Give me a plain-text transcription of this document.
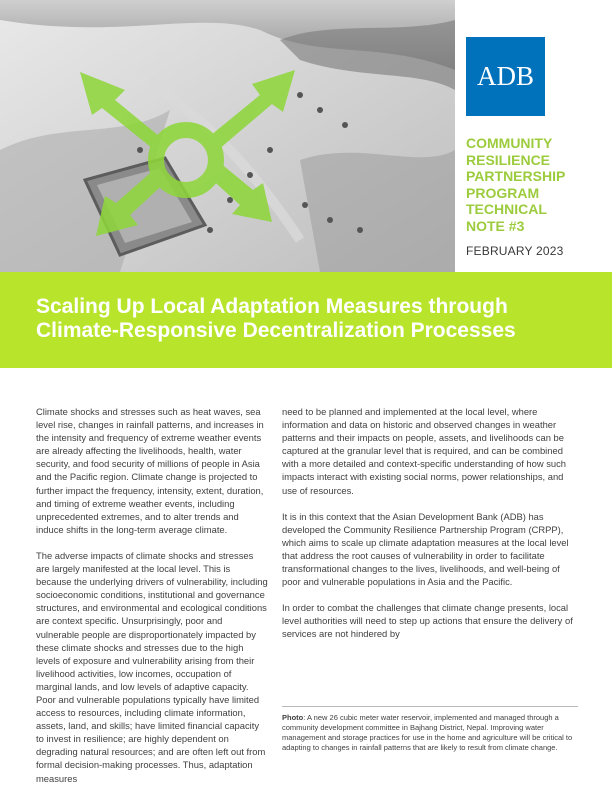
ADB
COMMUNITY
RESILIENCE
PARTNERSHIP
PROGRAM
TECHNICAL
NOTE #3
FEBRUARY 2023
Scaling Up Local Adaptation Measures through
Climate-Responsive Decentralization Processes

Climate shocks and stresses such as heat waves, sea level rise, changes in rainfall patterns, and increases in the intensity and frequency of extreme weather events are already affecting the livelihoods, health, water security, and food security of millions of people in Asia and the Pacific region. Climate change is projected to further impact the frequency, intensity, extent, duration, and timing of extreme weather events, including unprecedented extremes, and to alter trends and induce shifts in the long-term average climate.

The adverse impacts of climate shocks and stresses are largely manifested at the local level. This is because the underlying drivers of vulnerability, including socioeconomic conditions, institutional and governance structures, and environmental and ecological conditions are context specific. Unsurprisingly, poor and vulnerable people are disproportionately impacted by these climate shocks and stresses due to the high levels of exposure and vulnerability arising from their livelihood activities, low incomes, occupation of marginal lands, and low levels of adaptive capacity. Poor and vulnerable populations typically have limited access to resources, including climate information, assets, land, and skills; have limited financial capacity to invest in resilience; are highly dependent on degrading natural resources; and are often left out from formal decision-making processes. Thus, adaptation measures

need to be planned and implemented at the local level, where information and data on historic and observed changes in weather patterns and their impacts on people, assets, and livelihoods can be captured at the granular level that is required, and can be combined with a more detailed and context-specific understanding of how such impacts interact with existing social norms, power relationships, and use of resources.

It is in this context that the Asian Development Bank (ADB) has developed the Community Resilience Partnership Program (CRPP), which aims to scale up climate adaptation measures at the local level that address the root causes of vulnerability in order to facilitate transformational changes to the lives, livelihoods, and well-being of poor and vulnerable populations in Asia and the Pacific.

In order to combat the challenges that climate change presents, local level authorities will need to step up actions that ensure the delivery of services are not hindered by

Photo: A new 26 cubic meter water reservoir, implemented and managed through a community development committee in Bajhang District, Nepal. Improving water management and storage practices for use in the home and agriculture will be critical to adapting to changes in rainfall patterns that are likely to result from climate change.
